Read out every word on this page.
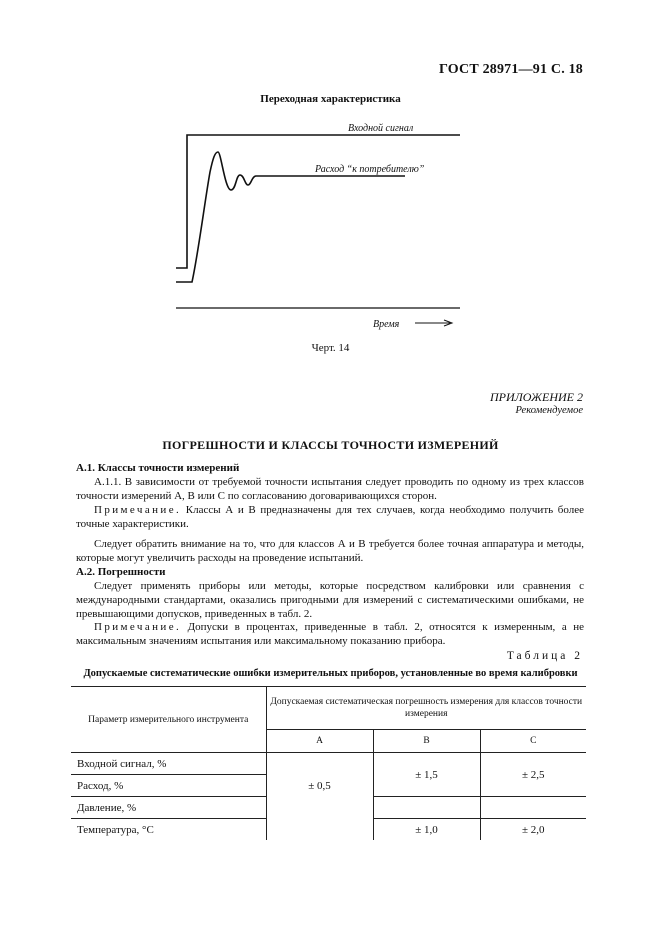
ГОСТ 28971—91 С. 18
Переходная характеристика
Входной сигнал
Расход “к потребителю”
Время
Черт. 14
ПРИЛОЖЕНИЕ 2
Рекомендуемое
ПОГРЕШНОСТИ И КЛАССЫ ТОЧНОСТИ ИЗМЕРЕНИЙ

А.1. Классы точности измерений

А.1.1. В зависимости от требуемой точности испытания следует проводить по одному из трех классов точности измерений А, В или С по согласованию договаривающихся сторон.

Примечание. Классы А и В предназначены для тех случаев, когда необходимо получить более точные характеристики.

Следует обратить внимание на то, что для классов А и В требуется более точная аппаратура и методы, которые могут увеличить расходы на проведение испытаний.

А.2. Погрешности

Следует применять приборы или методы, которые посредством калибровки или сравнения с международными стандартами, оказались пригодными для измерений с систематическими ошибками, не превышающими допусков, приведенных в табл. 2.

Примечание. Допуски в процентах, приведенные в табл. 2, относятся к измеренным, а не максимальным значениям испытания или максимальному показанию прибора.

Таблица 2
Допускаемые систематические ошибки измерительных приборов, установленные во время калибровки
Параметр измерительного инструмента	Допускаемая систематическая погрешность измерения для классов точности измерения		
	А	В	С
Входной сигнал, %	± 0,5	± 1,5	± 2,5
Расход, %			
Давление, %			
Температура, °С		± 1,0	± 2,0
